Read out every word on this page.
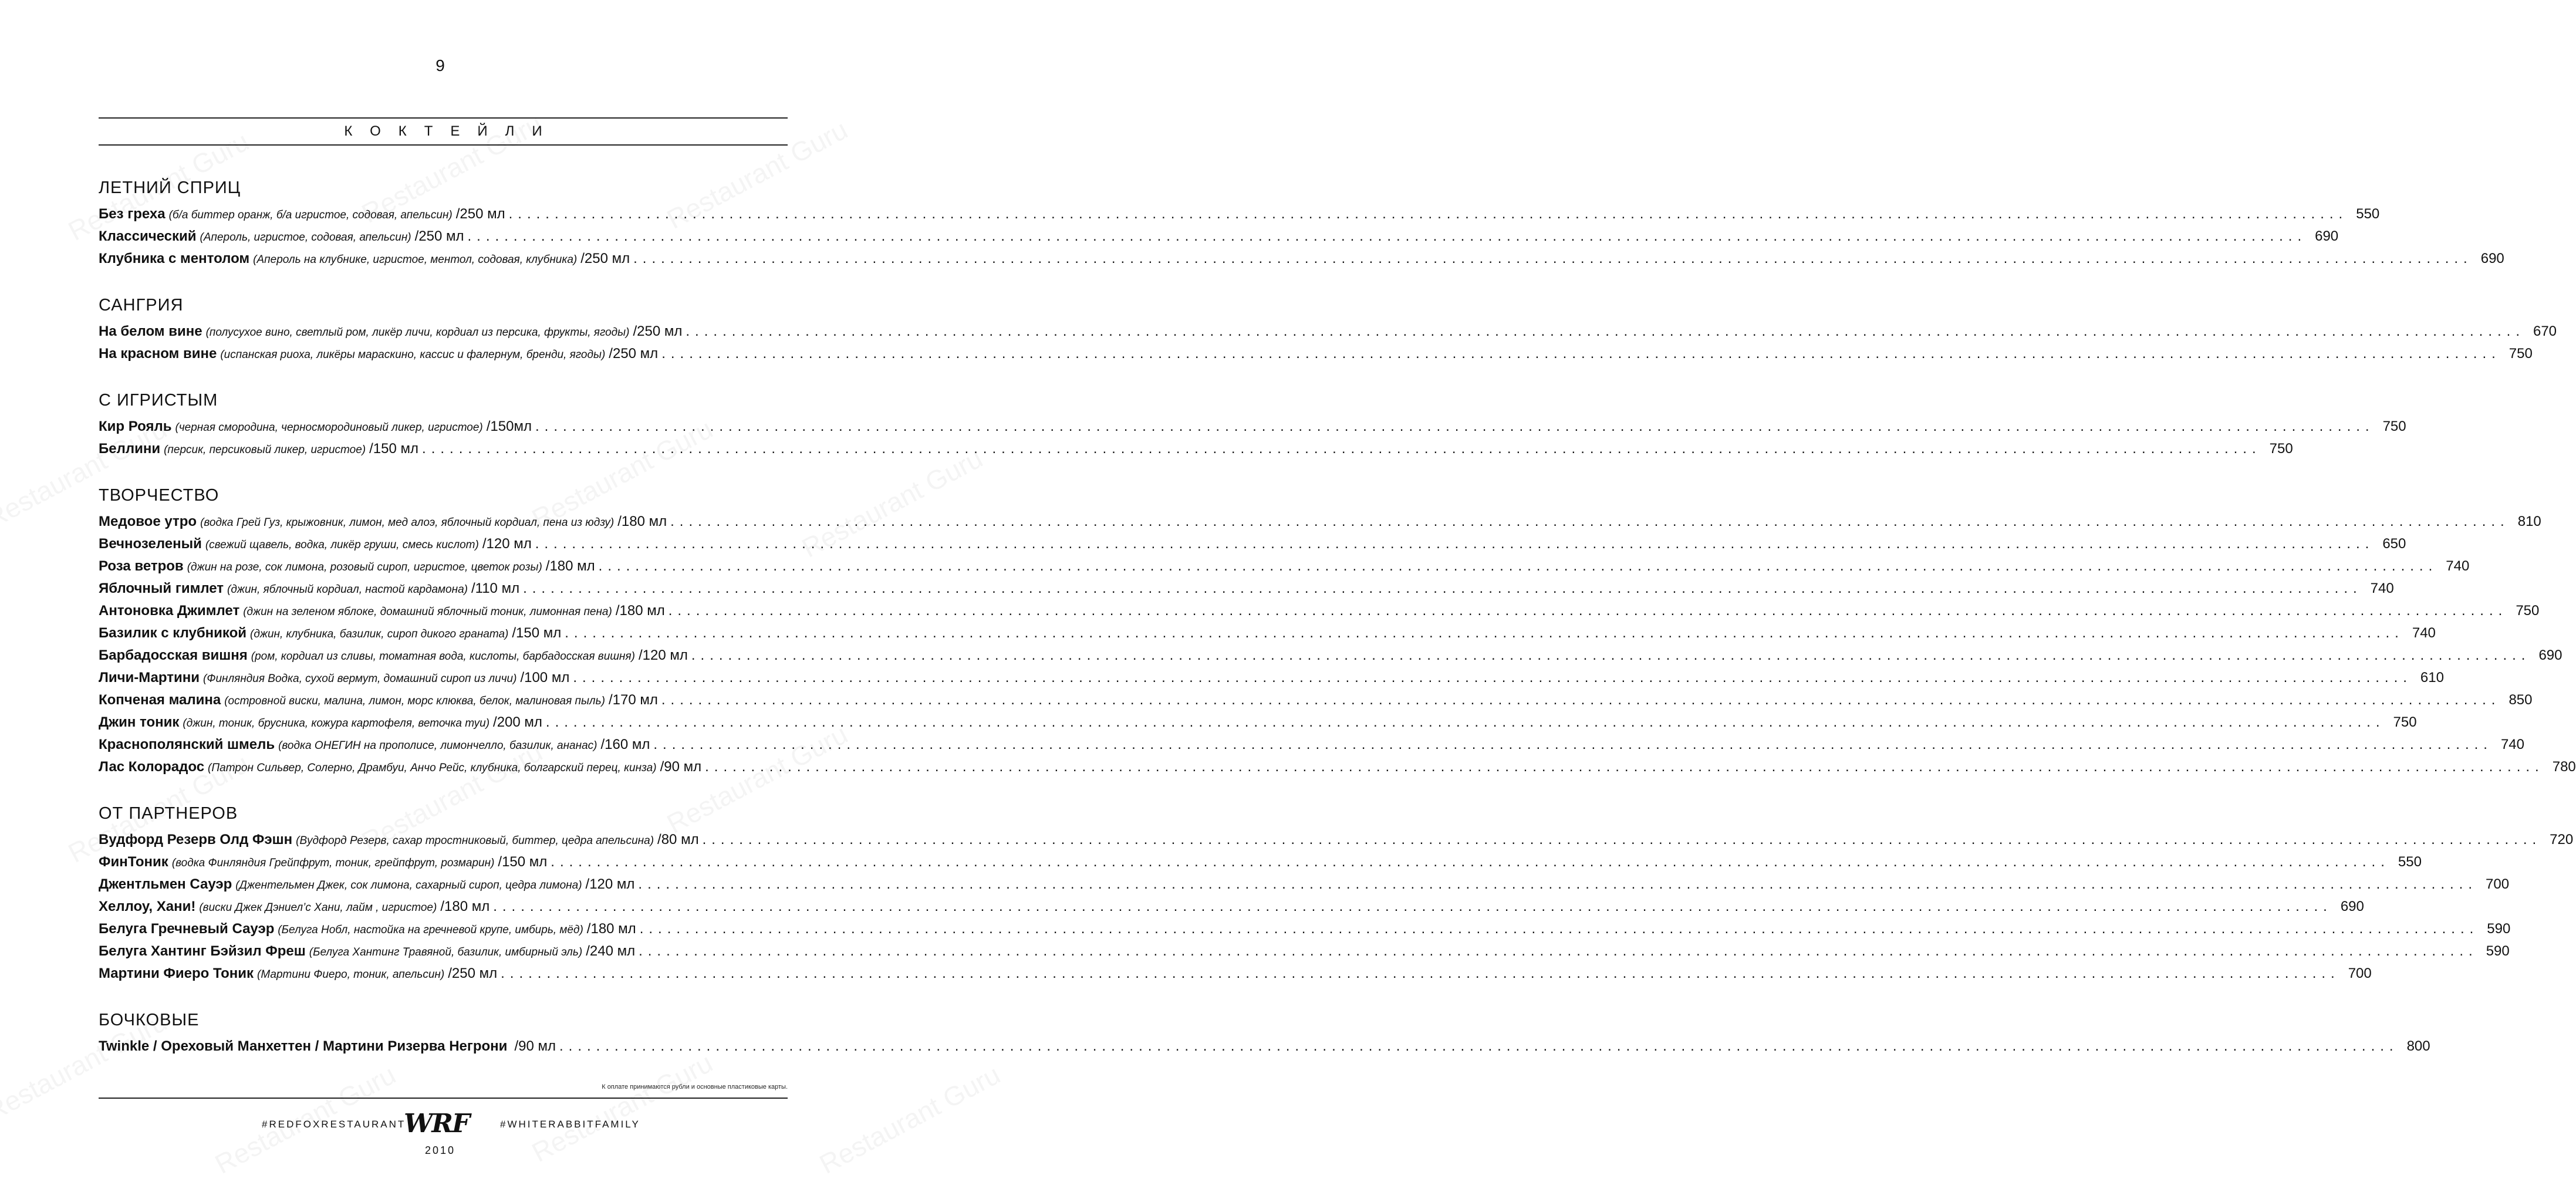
9
КОКТЕЙЛИ
ЛЕТНИЙ СПРИЦ
Без греха (б/а биттер оранж, б/а игристое, содовая, апельсин) /250 мл ........................................................................................................................................................................................................ 550
Классический (Апероль, игристое, содовая, апельсин) /250 мл ........................................................................................................................................................................................................ 690
Клубника с ментолом (Апероль на клубнике, игристое, ментол, содовая, клубника) /250 мл ........................................................................................................................................................................................................ 690
САНГРИЯ
На белом вине (полусухое вино, светлый ром, ликёр личи, кордиал из персика, фрукты, ягоды) /250 мл ........................................................................................................................................................................................................ 670
На красном вине (испанская риоха, ликёры мараскино, кассис и фалернум, бренди, ягоды) /250 мл ........................................................................................................................................................................................................ 750
С ИГРИСТЫМ
Кир Рояль (черная смородина, черносмородиновый ликер, игристое) /150мл ........................................................................................................................................................................................................ 750
Беллини (персик, персиковый ликер, игристое) /150 мл ........................................................................................................................................................................................................ 750
ТВОРЧЕСТВО
Медовое утро (водка Грей Гуз, крыжовник, лимон, мед алоэ, яблочный кордиал, пена из юдзу) /180 мл ........................................................................................................................................................................................................ 810
Вечнозеленый (свежий щавель, водка, ликёр груши, смесь кислот) /120 мл ........................................................................................................................................................................................................ 650
Роза ветров (джин на розе, сок лимона, розовый сироп, игристое, цветок розы) /180 мл ........................................................................................................................................................................................................ 740
Яблочный гимлет (джин, яблочный кордиал, настой кардамона) /110 мл ........................................................................................................................................................................................................ 740
Антоновка Джимлет (джин на зеленом яблоке, домашний яблочный тоник, лимонная пена) /180 мл ........................................................................................................................................................................................................ 750
Базилик с клубникой (джин, клубника, базилик, сироп дикого граната) /150 мл ........................................................................................................................................................................................................ 740
Барбадосская вишня (ром, кордиал из сливы, томатная вода, кислоты, барбадосская вишня) /120 мл ........................................................................................................................................................................................................ 690
Личи-Мартини (Финляндия Водка, сухой вермут, домашний сироп из личи) /100 мл ........................................................................................................................................................................................................ 610
Копченая малина (островной виски, малина, лимон, морс клюква, белок, малиновая пыль) /170 мл ........................................................................................................................................................................................................ 850
Джин тоник (джин, тоник, брусника, кожура картофеля, веточка туи) /200 мл ........................................................................................................................................................................................................ 750
Краснополянский шмель (водка ОНЕГИН на прополисе, лимончелло, базилик, ананас) /160 мл ........................................................................................................................................................................................................ 740
Лас Колорадос (Патрон Сильвер, Солерно, Драмбуи, Анчо Рейс, клубника, болгарский перец, кинза) /90 мл ........................................................................................................................................................................................................ 780
ОТ ПАРТНЕРОВ
Вудфорд Резерв Олд Фэшн (Вудфорд Резерв, сахар тростниковый, биттер, цедра апельсина) /80 мл ........................................................................................................................................................................................................ 720
ФинТоник (водка Финляндия Грейпфрут, тоник, грейпфрут, розмарин) /150 мл ........................................................................................................................................................................................................ 550
Джентльмен Сауэр (Джентельмен Джек, сок лимона, сахарный сироп, цедра лимона) /120 мл ........................................................................................................................................................................................................ 700
Хеллоу, Хани! (виски Джек Дэниел’с Хани, лайм , игристое) /180 мл ........................................................................................................................................................................................................ 690
Белуга Гречневый Сауэр (Белуга Нобл, настойка на гречневой крупе, имбирь, мёд) /180 мл ........................................................................................................................................................................................................ 590
Белуга Хантинг Бэйзил Фреш (Белуга Хантинг Травяной, базилик, имбирный эль) /240 мл ........................................................................................................................................................................................................ 590
Мартини Фиеро Тоник (Мартини Фиеро, тоник, апельсин) /250 мл ........................................................................................................................................................................................................ 700
БОЧКОВЫЕ
Twinkle / Ореховый Манхеттен / Мартини Ризерва Негрони /90 мл ........................................................................................................................................................................................................ 800
К оплате принимаются рубли и основные пластиковые карты.
#REDFOXRESTAURANT
WRF	#WHITERABBITFAMILY
2010
